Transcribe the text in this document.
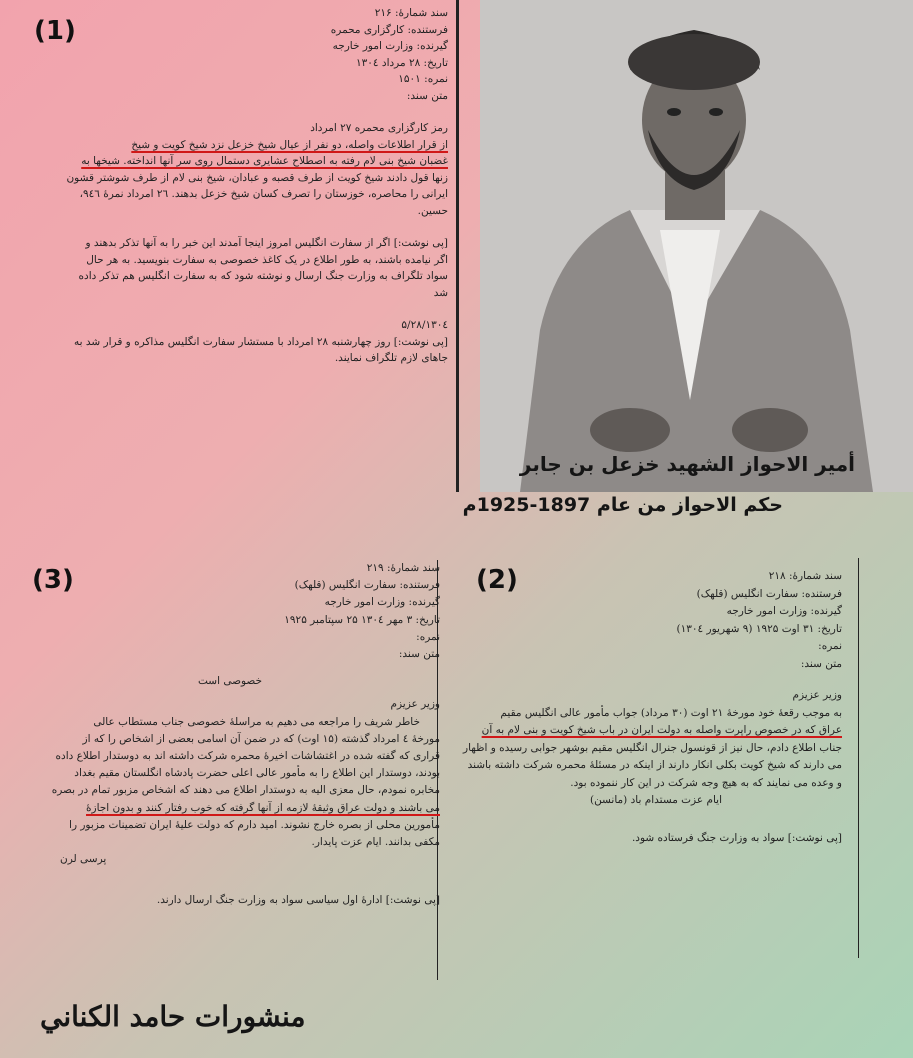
(1)
(2)
(3)
سند شمارهٔ: ۲۱۶
فرستنده: کارگزاری محمره
گیرنده: وزارت امور خارجه
تاریخ: ۲۸ مرداد ۱۳۰٤
نمره: ۱۵۰۱
متن سند:
رمز کارگزاری محمره ۲۷ امرداد
از قرار اطلاعات واصله، دو نفر از عیال شیخ خزعل نزد شیخ کویت و شیخ
غضبان شیخ بنی لام رفته به اصطلاح عشایری دستمال روی سر آنها انداخته. شیخها به
زنها قول دادند شیخ کویت از طرف قصبه و عبادان، شیخ بنی لام از طرف شوشتر قشون
ایرانی را محاصره، خوزستان را تصرف کسان شیخ خزعل بدهند. ۲٦ امرداد نمرهٔ ۹٤٦،
حسین.
[پی نوشت:] اگر از سفارت انگلیس امروز اینجا آمدند این خبر را به آنها تذکر بدهند و
اگر نیامده باشند، به طور اطلاع در یک کاغذ خصوصی به سفارت بنویسید. به هر حال
سواد تلگراف به وزارت جنگ ارسال و نوشته شود که به سفارت انگلیس هم تذکر داده
شد
۱۳۰٤/۵/۲۸
[پی نوشت:] روز چهارشنبه ۲۸ امرداد با مستشار سفارت انگلیس مذاکره و قرار شد به
جاهای لازم تلگراف نمایند.
أمير الاحواز الشهيد خزعل بن جابر
حكم الاحواز من عام 1897-1925م
سند شمارهٔ: ۲۱۸
فرستنده: سفارت انگلیس (قلهک)
گیرنده: وزارت امور خارجه
تاریخ: ۳۱ اوت ۱۹۲۵ (۹ شهریور ۱۳۰٤)
نمره:
متن سند:
وزیر عزیزم
به موجب رقعهٔ خود مورخهٔ ۲۱ اوت (۳۰ مرداد) جواب مأمور عالی انگلیس مقیم
عراق که در خصوص راپرت واصله به دولت ایران در باب شیخ کویت و بنی لام به آن
جناب اطلاع دادم، حال نیز از قونسول جنرال انگلیس مقیم بوشهر جوابی رسیده و اظهار
می دارند که شیخ کویت بکلی انکار دارند از اینکه در مسئلهٔ محمره شرکت داشته باشند
و وعده می نمایند که به هیچ وجه شرکت در این کار ننموده بود.
ایام عزت مستدام باد (مانسن)
[پی نوشت:] سواد به وزارت جنگ فرستاده شود.
سند شمارهٔ: ۲۱۹
فرستنده: سفارت انگلیس (قلهک)
گیرنده: وزارت امور خارجه
تاریخ: ۳ مهر ۱۳۰٤ ۲۵ سپتامبر ۱۹۲۵
نمره:
متن سند:
خصوصی است
وزیر عزیزم
خاطر شریف را مراجعه می دهیم به مراسلهٔ خصوصی جناب مستطاب عالی
مورخهٔ ٤ امرداد گذشته (۱۵ اوت) که در ضمن آن اسامی بعضی از اشخاص را که از
قراری که گفته شده در اغتشاشات اخیرهٔ محمره شرکت داشته اند به دوستدار اطلاع داده
بودند، دوستدار این اطلاع را به مأمور عالی اعلی حضرت پادشاه انگلستان مقیم بغداد
مخابره نمودم، حال معزی الیه به دوستدار اطلاع می دهند که اشخاص مزبور تمام در بصره
می باشند و دولت عراق وثیقهٔ لازمه از آنها گرفته که خوب رفتار کنند و بدون اجازهٔ
مأمورین محلی از بصره خارج نشوند. امید دارم که دولت علیهٔ ایران تضمینات مزبور را
مکفی بدانند. ایام عزت پایدار.
پرسی لرن
[پی نوشت:] ادارهٔ اول سیاسی سواد به وزارت جنگ ارسال دارند.
منشورات حامد الكناني
